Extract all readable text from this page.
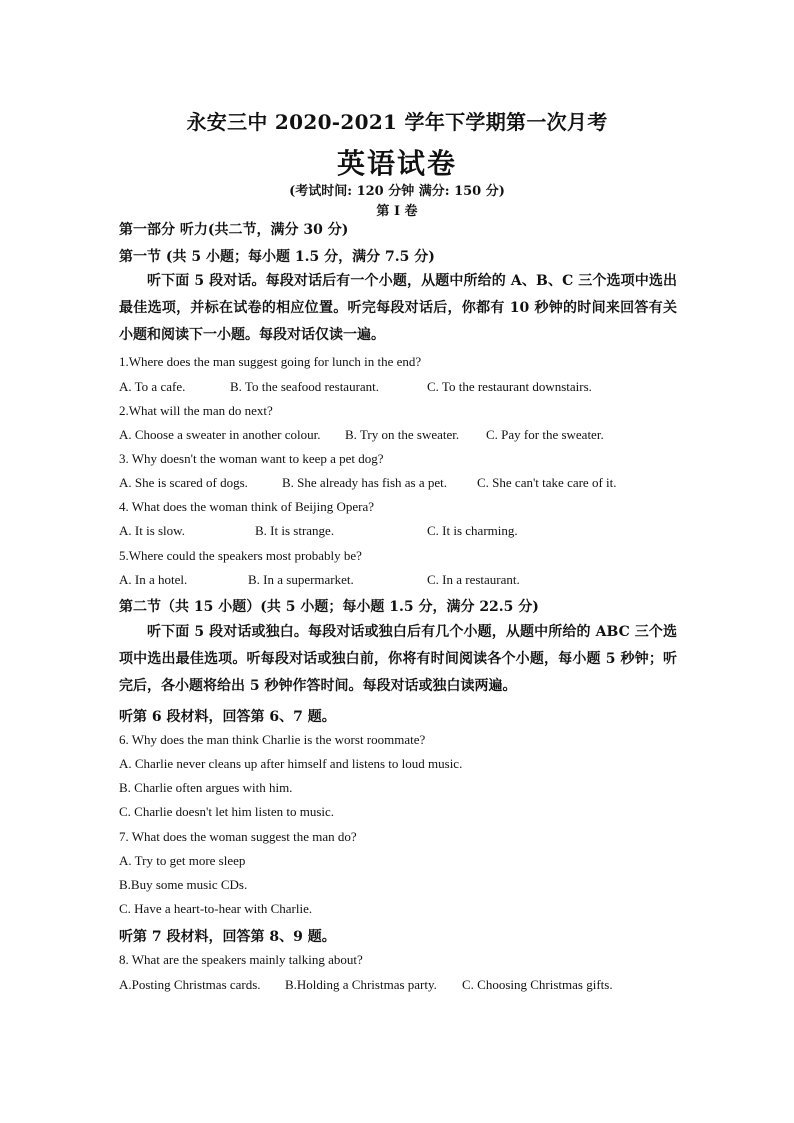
永安三中 2020-2021 学年下学期第一次月考
英语试卷
(考试时间: 120 分钟 满分: 150 分)
第 I 卷
第一部分 听力(共二节，满分 30 分)
第一节 (共 5 小题；每小题 1.5 分，满分 7.5 分)
听下面 5 段对话。每段对话后有一个小题，从题中所给的 A、B、C 三个选项中选出最佳选项，并标在试卷的相应位置。听完每段对话后，你都有 10 秒钟的时间来回答有关小题和阅读下一小题。每段对话仅读一遍。
1.Where does the man suggest going for lunch in the end?
A. To a cafe.	B. To the seafood restaurant.	C. To the restaurant downstairs.
2.What will the man do next?
A. Choose a sweater in another colour. B. Try on the sweater. C. Pay for the sweater.
3. Why doesn't the woman want to keep a pet dog?
A. She is scared of dogs.	B. She already has fish as a pet. C. She can't take care of it.
4. What does the woman think of Beijing Opera?
A. It is slow.	B. It is strange.	C. It is charming.
5.Where could the speakers most probably be?
A. In a hotel.	B. In a supermarket.	C. In a restaurant.
第二节（共 15 小题）(共 5 小题；每小题 1.5 分，满分 22.5 分)
听下面 5 段对话或独白。每段对话或独白后有几个小题，从题中所给的 ABC 三个选项中选出最佳选项。听每段对话或独白前，你将有时间阅读各个小题，每小题 5 秒钟；听完后，各小题将给出 5 秒钟作答时间。每段对话或独白读两遍。
听第 6 段材料，回答第 6、7 题。
6. Why does the man think Charlie is the worst roommate?
A. Charlie never cleans up after himself and listens to loud music.
B. Charlie often argues with him.
C. Charlie doesn't let him listen to music.
7. What does the woman suggest the man do?
A. Try to get more sleep
B.Buy some music CDs.
C. Have a heart-to-hear with Charlie.
听第 7 段材料，回答第 8、9 题。
8. What are the speakers mainly talking about?
A.Posting Christmas cards. B.Holding a Christmas party. C. Choosing Christmas gifts.
